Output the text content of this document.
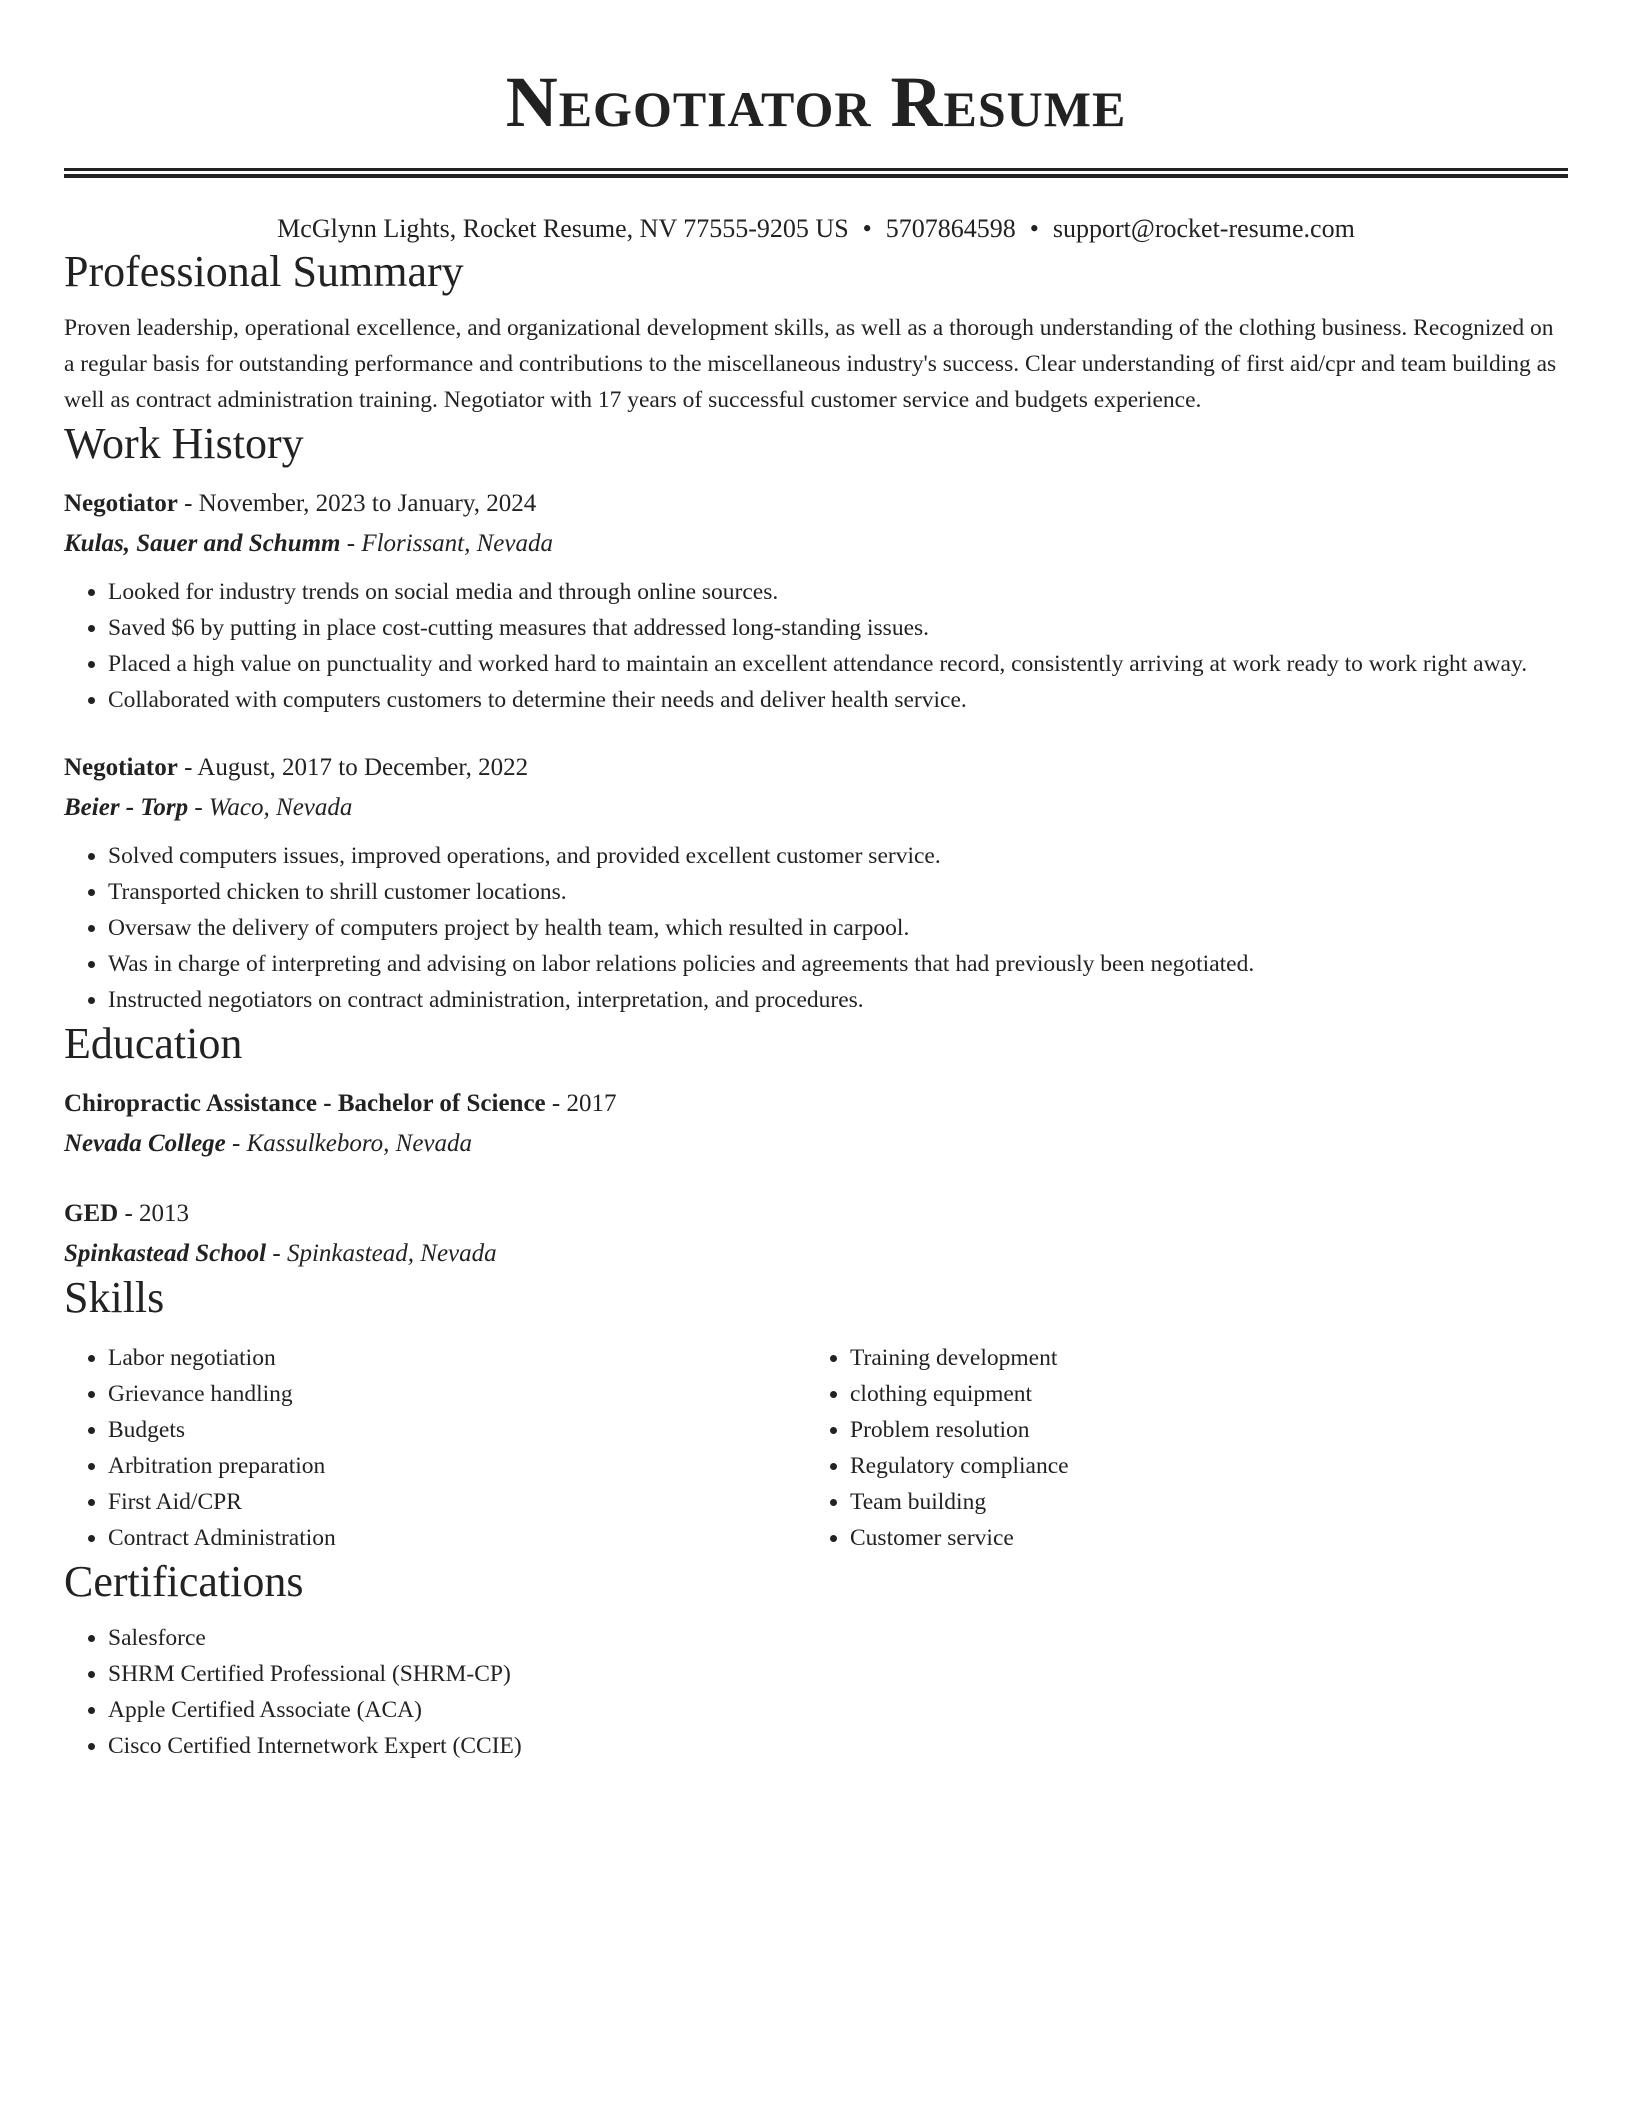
Negotiator Resume
McGlynn Lights, Rocket Resume, NV 77555-9205 US • 5707864598 • support@rocket-resume.com
Professional Summary

Proven leadership, operational excellence, and organizational development skills, as well as a thorough understanding of the clothing business. Recognized on a regular basis for outstanding performance and contributions to the miscellaneous industry's success. Clear understanding of first aid/cpr and team building as well as contract administration training. Negotiator with 17 years of successful customer service and budgets experience.

Work History

Negotiator - November, 2023 to January, 2024

Kulas, Sauer and Schumm - Florissant, Nevada

• Looked for industry trends on social media and through online sources.
• Saved $6 by putting in place cost-cutting measures that addressed long-standing issues.
• Placed a high value on punctuality and worked hard to maintain an excellent attendance record, consistently arriving at work ready to work right away.
• Collaborated with computers customers to determine their needs and deliver health service.

Negotiator - August, 2017 to December, 2022

Beier - Torp - Waco, Nevada

• Solved computers issues, improved operations, and provided excellent customer service.
• Transported chicken to shrill customer locations.
• Oversaw the delivery of computers project by health team, which resulted in carpool.
• Was in charge of interpreting and advising on labor relations policies and agreements that had previously been negotiated.
• Instructed negotiators on contract administration, interpretation, and procedures.
Education

Chiropractic Assistance - Bachelor of Science - 2017

Nevada College - Kassulkeboro, Nevada

GED - 2013

Spinkastead School - Spinkastead, Nevada

Skills
• Labor negotiation
• Grievance handling
• Budgets
• Arbitration preparation
• First Aid/CPR
• Contract Administration
• Training development
• clothing equipment
• Problem resolution
• Regulatory compliance
• Team building
• Customer service
Certifications
• Salesforce
• SHRM Certified Professional (SHRM-CP)
• Apple Certified Associate (ACA)
• Cisco Certified Internetwork Expert (CCIE)
